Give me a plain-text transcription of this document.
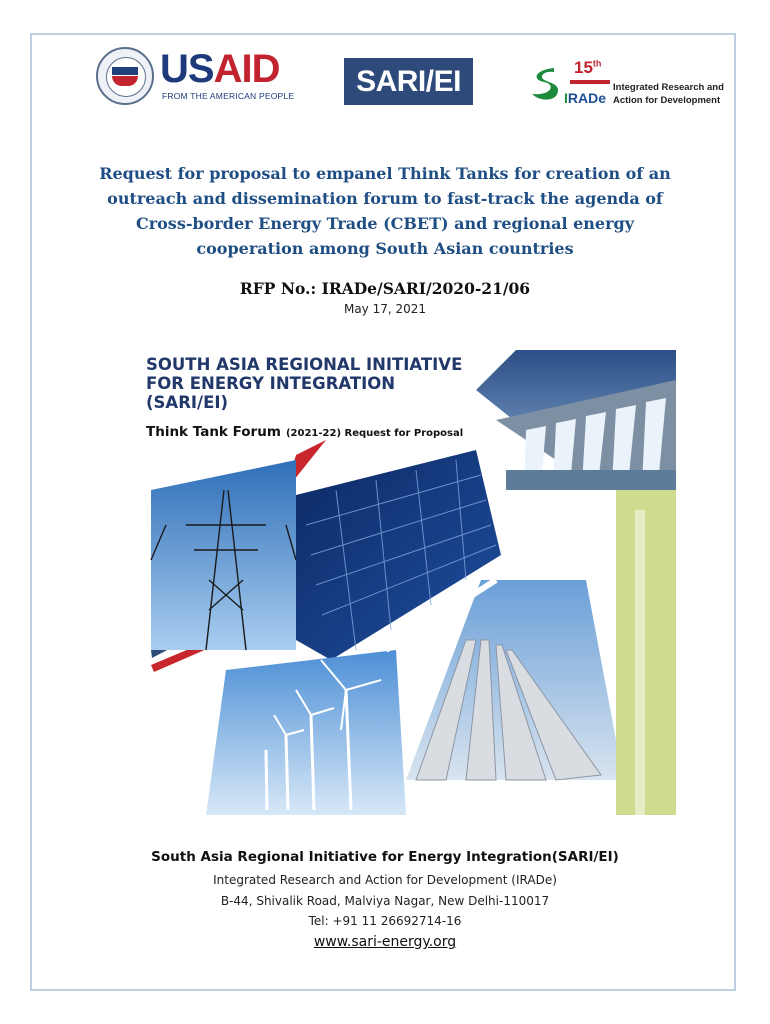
USAID
FROM THE AMERICAN PEOPLE	SARI/EI	15th
IRADe
Integrated Research and
Action for Development
Request for proposal to empanel Think Tanks for creation of an
outreach and dissemination forum to fast-track the agenda of
Cross-border Energy Trade (CBET) and regional energy
cooperation among South Asian countries
RFP No.: IRADe/SARI/2020-21/06
May 17, 2021
SOUTH ASIA REGIONAL INITIATIVE
FOR ENERGY INTEGRATION
(SARI/EI)
Think Tank Forum (2021-22) Request for Proposal
South Asia Regional Initiative for Energy Integration(SARI/EI)
Integrated Research and Action for Development (IRADe)
B-44, Shivalik Road, Malviya Nagar, New Delhi-110017
Tel: +91 11 26692714-16
www.sari-energy.org
